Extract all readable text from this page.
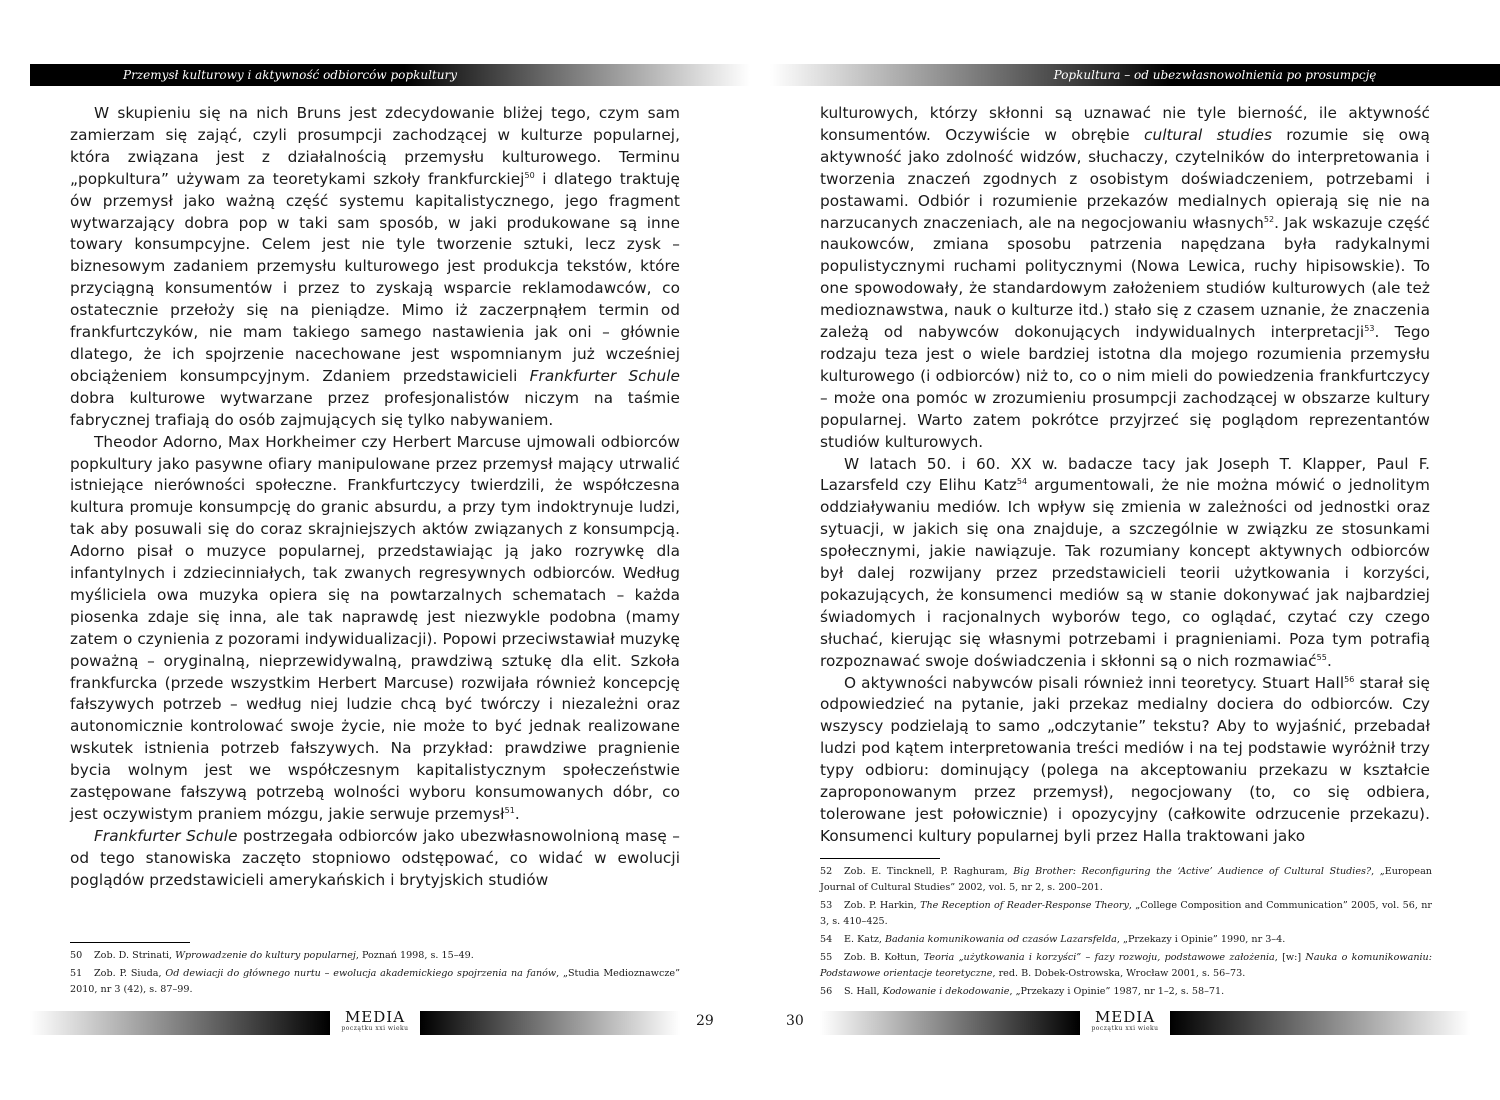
Przemysł kulturowy i aktywność odbiorców popkultury

W skupieniu się na nich Bruns jest zdecydowanie bliżej tego, czym sam zamierzam się zająć, czyli prosumpcji zachodzącej w kulturze popularnej, która związana jest z działalnością przemysłu kulturowego. Terminu „popkultura” używam za teoretykami szkoły frankfurckiej$^{50}$ i dlatego traktuję ów przemysł jako ważną część systemu kapitalistycznego, jego fragment wytwarzający dobra pop w taki sam sposób, w jaki produkowane są inne towary konsumpcyjne. Celem jest nie tyle tworzenie sztuki, lecz zysk – biznesowym zadaniem przemysłu kulturowego jest produkcja tekstów, które przyciągną konsumentów i przez to zyskają wsparcie reklamodawców, co ostatecznie przełoży się na pieniądze. Mimo iż zaczerpnąłem termin od frankfurtczyków, nie mam takiego samego nastawienia jak oni – głównie dlatego, że ich spojrzenie nacechowane jest wspomnianym już wcześniej obciążeniem konsumpcyjnym. Zdaniem przedstawicieli Frankfurter Schule dobra kulturowe wytwarzane przez profesjonalistów niczym na taśmie fabrycznej trafiają do osób zajmujących się tylko nabywaniem.

Theodor Adorno, Max Horkheimer czy Herbert Marcuse ujmowali odbiorców popkultury jako pasywne ofiary manipulowane przez przemysł mający utrwalić istniejące nierówności społeczne. Frankfurtczycy twierdzili, że współczesna kultura promuje konsumpcję do granic absurdu, a przy tym indoktrynuje ludzi, tak aby posuwali się do coraz skrajniejszych aktów związanych z konsumpcją. Adorno pisał o muzyce popularnej, przedstawiając ją jako rozrywkę dla infantylnych i zdziecinniałych, tak zwanych regresywnych odbiorców. Według myśliciela owa muzyka opiera się na powtarzalnych schematach – każda piosenka zdaje się inna, ale tak naprawdę jest niezwykle podobna (mamy zatem o czynienia z pozorami indywidualizacji). Popowi przeciwstawiał muzykę poważną – oryginalną, nieprzewidywalną, prawdziwą sztukę dla elit. Szkoła frankfurcka (przede wszystkim Herbert Marcuse) rozwijała również koncepcję fałszywych potrzeb – według niej ludzie chcą być twórczy i niezależni oraz autonomicznie kontrolować swoje życie, nie może to być jednak realizowane wskutek istnienia potrzeb fałszywych. Na przykład: prawdziwe pragnienie bycia wolnym jest we współczesnym kapitalistycznym społeczeństwie zastępowane fałszywą potrzebą wolności wyboru konsumowanych dóbr, co jest oczywistym praniem mózgu, jakie serwuje przemysł$^{51}$.

Frankfurter Schule postrzegała odbiorców jako ubezwłasnowolnioną masę – od tego stanowiska zaczęto stopniowo odstępować, co widać w ewolucji poglądów przedstawicieli amerykańskich i brytyjskich studiów

50 Zob. D. Strinati, Wprowadzenie do kultury popularnej, Poznań 1998, s. 15–49.
51 Zob. P. Siuda, Od dewiacji do głównego nurtu – ewolucja akademickiego spojrzenia na fanów, „Studia Medioznawcze” 2010, nr 3 (42), s. 87–99.
MEDIA
początku xxi wieku	29
Popkultura – od ubezwłasnowolnienia po prosumpcję

kulturowych, którzy skłonni są uznawać nie tyle bierność, ile aktywność konsumentów. Oczywiście w obrębie cultural studies rozumie się ową aktywność jako zdolność widzów, słuchaczy, czytelników do interpretowania i tworzenia znaczeń zgodnych z osobistym doświadczeniem, potrzebami i postawami. Odbiór i rozumienie przekazów medialnych opierają się nie na narzucanych znaczeniach, ale na negocjowaniu własnych$^{52}$. Jak wskazuje część naukowców, zmiana sposobu patrzenia napędzana była radykalnymi populistycznymi ruchami politycznymi (Nowa Lewica, ruchy hipisowskie). To one spowodowały, że standardowym założeniem studiów kulturowych (ale też medioznawstwa, nauk o kulturze itd.) stało się z czasem uznanie, że znaczenia zależą od nabywców dokonujących indywidualnych interpretacji$^{53}$. Tego rodzaju teza jest o wiele bardziej istotna dla mojego rozumienia przemysłu kulturowego (i odbiorców) niż to, co o nim mieli do powiedzenia frankfurtczycy – może ona pomóc w zrozumieniu prosumpcji zachodzącej w obszarze kultury popularnej. Warto zatem pokrótce przyjrzeć się poglądom reprezentantów studiów kulturowych.

W latach 50. i 60. XX w. badacze tacy jak Joseph T. Klapper, Paul F. Lazarsfeld czy Elihu Katz$^{54}$ argumentowali, że nie można mówić o jednolitym oddziaływaniu mediów. Ich wpływ się zmienia w zależności od jednostki oraz sytuacji, w jakich się ona znajduje, a szczególnie w związku ze stosunkami społecznymi, jakie nawiązuje. Tak rozumiany koncept aktywnych odbiorców był dalej rozwijany przez przedstawicieli teorii użytkowania i korzyści, pokazujących, że konsumenci mediów są w stanie dokonywać jak najbardziej świadomych i racjonalnych wyborów tego, co oglądać, czytać czy czego słuchać, kierując się własnymi potrzebami i pragnieniami. Poza tym potrafią rozpoznawać swoje doświadczenia i skłonni są o nich rozmawiać$^{55}$.

O aktywności nabywców pisali również inni teoretycy. Stuart Hall$^{56}$ starał się odpowiedzieć na pytanie, jaki przekaz medialny dociera do odbiorców. Czy wszyscy podzielają to samo „odczytanie” tekstu? Aby to wyjaśnić, przebadał ludzi pod kątem interpretowania treści mediów i na tej podstawie wyróżnił trzy typy odbioru: dominujący (polega na akceptowaniu przekazu w kształcie zaproponowanym przez przemysł), negocjowany (to, co się odbiera, tolerowane jest połowicznie) i opozycyjny (całkowite odrzucenie przekazu). Konsumenci kultury popularnej byli przez Halla traktowani jako

52 Zob. E. Tincknell, P. Raghuram, Big Brother: Reconfiguring the ‘Active’ Audience of Cultural Studies?, „European Journal of Cultural Studies” 2002, vol. 5, nr 2, s. 200–201.
53 Zob. P. Harkin, The Reception of Reader-Response Theory, „College Composition and Communication” 2005, vol. 56, nr 3, s. 410–425.
54 E. Katz, Badania komunikowania od czasów Lazarsfelda, „Przekazy i Opinie” 1990, nr 3–4.
55 Zob. B. Kołtun, Teoria „użytkowania i korzyści” – fazy rozwoju, podstawowe założenia, [w:] Nauka o komunikowaniu: Podstawowe orientacje teoretyczne, red. B. Dobek-Ostrowska, Wrocław 2001, s. 56–73.
56 S. Hall, Kodowanie i dekodowanie, „Przekazy i Opinie” 1987, nr 1–2, s. 58–71.
30	MEDIA
początku xxi wieku
